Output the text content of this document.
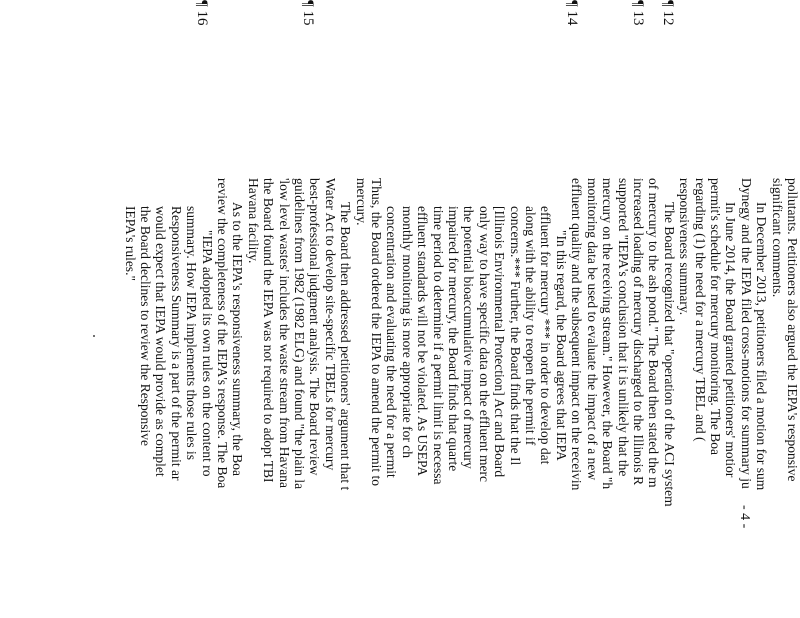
¶ 12
¶ 13
¶ 14
¶ 15
¶ 16

pollutants. Petitioners also argued the IEPA's responsive

significant comments.

In December 2013, petitioners filed a motion for sum

Dynegy and the IEPA filed cross-motions for summary ju

In June 2014, the Board granted petitioners' motior

permit's schedule for mercury monitoring. The Boa

regarding (1) the need for a mercury TBEL and (

responsiveness summary.

The Board recognized that "operation of the ACI system

of mercury to the ash pond." The Board then stated the m

increased loading of mercury discharged to the Illinois R

supported "IEPA's conclusion that it is unlikely that the

mercury on the receiving stream." However, the Board "h

monitoring data be used to evaluate the impact of a new

effluent quality and the subsequent impact on the receivin

"In this regard, the Board agrees that IEPA

effluent for mercury *** in order to develop dat

along with the ability to reopen the permit if

concerns.*** Further, the Board finds that the Il

[Illinois Environmental Protection] Act and Board

only way to have specific data on the effluent merc

the potential bioaccumulative impact of mercury

impaired for mercury, the Board finds that quarte

time period to determine if a permit limit is necessa

effluent standards will not be violated. As USEPA

monthly monitoring is more appropriate for ch

concentration and evaluating the need for a permit

Thus, the Board ordered the IEPA to amend the permit to

mercury.

The Board then addressed petitioners' argument that t

Water Act to develop site-specific TBELs for mercury

best-professional judgment analysis. The Board review

guidelines from 1982 (1982 ELG) and found "the plain la

'low level wastes' includes the waste stream from Havana

the Board found the IEPA was not required to adopt TBI

Havana facility.

As to the IEPA's responsiveness summary, the Boa

review the completeness of the IEPA's response. The Boa

"IEPA adopted its own rules on the content ro

summary. How IEPA implements those rules is

Responsiveness Summary is a part of the permit ar

would expect that IEPA would provide as complet

the Board declines to review the Responsive

IEPA's rules."

- 4 -
